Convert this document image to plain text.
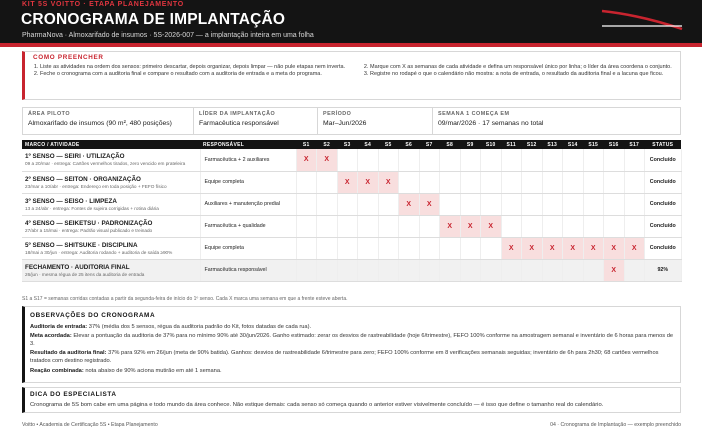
KIT 5S VOITTO · ETAPA PLANEJAMENTO
CRONOGRAMA DE IMPLANTAÇÃO
PharmaNova · Almoxarifado de insumos · 5S-2026-007 — a implantação inteira em uma folha
COMO PREENCHER
1. Liste as atividades na ordem dos sensos: primeiro descartar, depois organizar, depois limpar — não pule etapas nem inverta.
2. Feche o cronograma com a auditoria final e compare o resultado com a auditoria de entrada e a meta do programa.
2. Marque com X as semanas de cada atividade e defina um responsável único por linha; o líder da área coordena o conjunto.
3. Registre no rodapé o que o calendário não mostra: a nota de entrada, o resultado da auditoria final e a lacuna que ficou.
ÁREA PILOTO
Almoxarifado de insumos (90 m², 480 posições)
LÍDER DA IMPLANTAÇÃO
Farmacêutica responsável
PERÍODO
Mar–Jun/2026
SEMANA 1 COMEÇA EM
09/mar/2026 · 17 semanas no total
MARCO / ATIVIDADE	RESPONSÁVEL	S1	S2	S3	S4	S5	S6	S7	S8	S9	S10	S11	S12	S13	S14	S15	S16	S17	STATUS

1º SENSO — SEIRI · UTILIZAÇÃO
09 a 20/mar · entrega: Cartões vermelhos tirados, zero vencido em prateleira	Farmacêutica + 2 auxiliares	X	X																Concluído

2º SENSO — SEITON · ORGANIZAÇÃO
23/mar a 10/abr · entrega: Endereço em toda posição + FEFO físico	Equipe completa			X	X	X													Concluído

3º SENSO — SEISO · LIMPEZA
13 a 24/abr · entrega: Fontes de sujeira corrigidas + rotina diária	Auxiliares + manutenção predial						X	X											Concluído

4º SENSO — SEIKETSU · PADRONIZAÇÃO
27/abr a 15/mai · entrega: Padrão visual publicado e treinado	Farmacêutica + qualidade								X	X	X								Concluído

5º SENSO — SHITSUKE · DISCIPLINA
18/mai a 30/jun · entrega: Auditoria rodando + auditoria de saída ≥90%	Equipe completa											X	X	X	X	X	X	X	Concluído

FECHAMENTO · AUDITORIA FINAL
26/jun · mesma régua de 25 itens da auditoria de entrada	Farmacêutica responsável																X		92%
S1 a S17 = semanas corridas contadas a partir da segunda-feira de início do 1º senso. Cada X marca uma semana em que a frente esteve aberta.
OBSERVAÇÕES DO CRONOGRAMA

Auditoria de entrada: 37% (média dos 5 sensos, régua da auditoria padrão do Kit, fotos datadas de cada rua).

Meta acordada: Elevar a pontuação da auditoria de 37% para no mínimo 90% até 30/jun/2026. Ganho estimado: zerar os desvios de rastreabilidade (hoje 6/trimestre), FEFO 100% conforme na amostragem semanal e inventário de 6 horas para menos de 3.

Resultado da auditoria final: 37% para 92% em 26/jun (meta de 90% batida). Ganhos: desvios de rastreabilidade 6/trimestre para zero; FEFO 100% conforme em 8 verificações semanais seguidas; inventário de 6h para 2h30; 68 cartões vermelhos tratados com destino registrado.

Reação combinada: nota abaixo de 90% aciona mutirão em até 1 semana.

DICA DO ESPECIALISTA

Cronograma de 5S bom cabe em uma página e todo mundo da área conhece. Não estique demais: cada senso só começa quando o anterior estiver visivelmente concluído — é isso que define o tamanho real do calendário.

Voitto • Academia de Certificação 5S • Etapa Planejamento	04 · Cronograma de Implantação — exemplo preenchido
